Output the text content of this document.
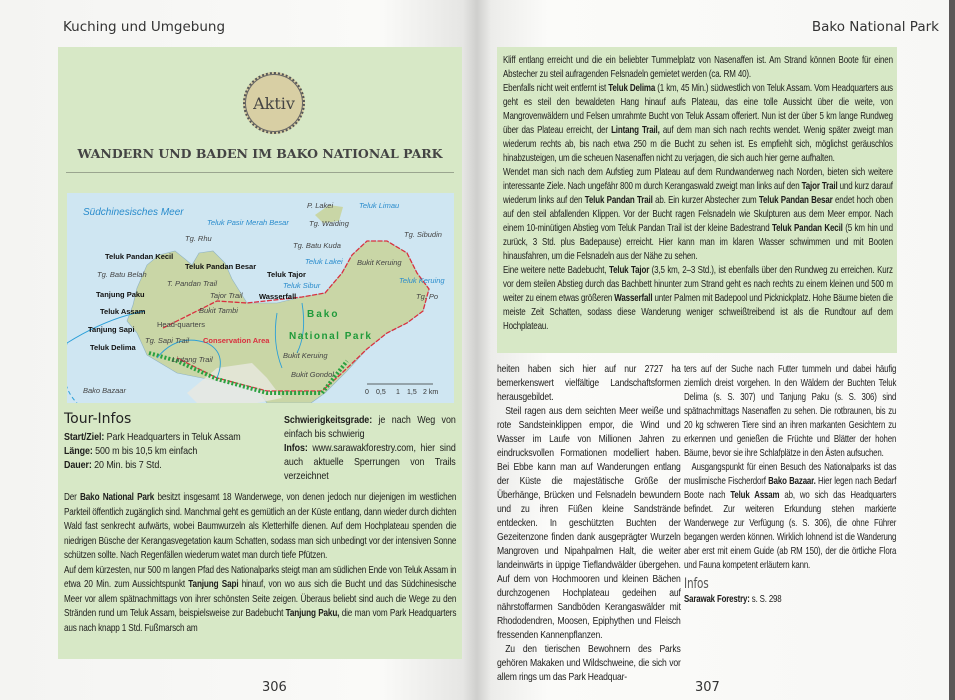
Kuching und Umgebung
Aktiv
WANDERN UND BADEN IM BAKO NATIONAL PARK
Südchinesisches Meer
Tg. Rhu
Teluk Pandan Kecil
Teluk Pandan Besar
Tg. Batu Belah
Tanjung Paku
Teluk Assam
Head-quarters
Tanjung Sapi
Teluk Delima
Bako Bazaar
Bukit Tambi
Tajor Trail
T. Pandan Trail
Tg. Sapi Trail
Lintang Trail
Conservation Area
Teluk Tajor
Wasserfall
Teluk Sibur
Teluk Pasir Merah Besar
P. Lakei	Teluk Limau
Tg. Waiding
Tg. Batu Kuda
Teluk Lakei
Tg. Sibudin
Bukit Keruing
Teluk Keruing
Tg. Po
Bako
National Park
Bukit Keruing
Bukit Gondol
0 0,5 1 1,5 2 km
Tour-Infos
Start/Ziel: Park Headquarters in Teluk Assam
Länge: 500 m bis 10,5 km einfach
Dauer: 20 Min. bis 7 Std.
Schwierigkeitsgrade: je nach Weg von einfach bis schwierig
Infos: www.sarawakforestry.com, hier sind auch aktuelle Sperrungen von Trails verzeichnet

Der Bako National Park besitzt insgesamt 18 Wanderwege, von denen jedoch nur diejenigen im westlichen Parkteil öffentlich zugänglich sind. Manchmal geht es gemütlich an der Küste entlang, dann wieder durch dichten Wald fast senkrecht aufwärts, wobei Baumwurzeln als Kletterhilfe dienen. Auf dem Hochplateau spenden die niedrigen Büsche der Kerangasvegetation kaum Schatten, sodass man sich unbedingt vor der intensiven Sonne schützen sollte. Nach Regenfällen wiederum watet man durch tiefe Pfützen.

Auf dem kürzesten, nur 500 m langen Pfad des Nationalparks steigt man am südlichen Ende von Teluk Assam in etwa 20 Min. zum Aussichtspunkt Tanjung Sapi hinauf, von wo aus sich die Bucht und das Südchinesische Meer vor allem spätnachmittags von ihrer schönsten Seite zeigen. Überaus beliebt sind auch die Wege zu den Stränden rund um Teluk Assam, beispielsweise zur Badebucht Tanjung Paku, die man vom Park Headquarters aus nach knapp 1 Std. Fußmarsch am

306
Bako National Park

Kliff entlang erreicht und die ein beliebter Tummelplatz von Nasenaffen ist. Am Strand können Boote für einen Abstecher zu steil aufragenden Felsnadeln gemietet werden (ca. RM 40).

Ebenfalls nicht weit entfernt ist Teluk Delima (1 km, 45 Min.) südwestlich von Teluk Assam. Vom Headquarters aus geht es steil den bewaldeten Hang hinauf aufs Plateau, das eine tolle Aussicht über die weite, von Mangrovenwäldern und Felsen umrahmte Bucht von Teluk Assam offeriert. Nun ist der über 5 km lange Rundweg über das Plateau erreicht, der Lintang Trail, auf dem man sich nach rechts wendet. Wenig später zweigt man wiederum rechts ab, bis nach etwa 250 m die Bucht zu sehen ist. Es empfiehlt sich, möglichst geräuschlos hinabzusteigen, um die scheuen Nasenaffen nicht zu verjagen, die sich auch hier gerne aufhalten.

Wendet man sich nach dem Aufstieg zum Plateau auf dem Rundwanderweg nach Norden, bieten sich weitere interessante Ziele. Nach ungefähr 800 m durch Kerangaswald zweigt man links auf den Tajor Trail und kurz darauf wiederum links auf den Teluk Pandan Trail ab. Ein kurzer Abstecher zum Teluk Pandan Besar endet hoch oben auf den steil abfallenden Klippen. Vor der Bucht ragen Felsnadeln wie Skulpturen aus dem Meer empor. Nach einem 10-minütigen Abstieg vom Teluk Pandan Trail ist der kleine Badestrand Teluk Pandan Kecil (5 km hin und zurück, 3 Std. plus Badepause) erreicht. Hier kann man im klaren Wasser schwimmen und mit Booten hinausfahren, um die Felsnadeln aus der Nähe zu sehen.

Eine weitere nette Badebucht, Teluk Tajor (3,5 km, 2–3 Std.), ist ebenfalls über den Rundweg zu erreichen. Kurz vor dem steilen Abstieg durch das Bachbett hinunter zum Strand geht es nach rechts zu einem kleinen und 500 m weiter zu einem etwas größeren Wasserfall unter Palmen mit Badepool und Picknickplatz. Hohe Bäume bieten die meiste Zeit Schatten, sodass diese Wanderung weniger schweißtreibend ist als die Rundtour auf dem Hochplateau.

heiten haben sich hier auf nur 2727 ha bemerkenswert vielfältige Landschaftsformen herausgebildet.

Steil ragen aus dem seichten Meer weiße und rote Sandsteinklippen empor, die Wind und Wasser im Laufe von Millionen Jahren zu eindrucksvollen Formationen modelliert haben. Bei Ebbe kann man auf Wanderungen entlang der Küste die majestätische Größe der Überhänge, Brücken und Felsnadeln bewundern und zu ihren Füßen kleine Sandstrände entdecken. In geschützten Buchten der Gezeitenzone finden dank ausgeprägter Wurzeln Mangroven und Nipahpalmen Halt, die weiter landeinwärts in üppige Tieflandwälder übergehen. Auf dem von Hochmooren und kleinen Bächen durchzogenen Hochplateau gedeihen auf nährstoffarmen Sandböden Kerangaswälder mit Rhododendren, Moosen, Epiphythen und Fleisch fressenden Kannenpflanzen.

Zu den tierischen Bewohnern des Parks gehören Makaken und Wildschweine, die sich vor allem rings um das Park Headquar-

ters auf der Suche nach Futter tummeln und dabei häufig ziemlich dreist vorgehen. In den Wäldern der Buchten Teluk Delima (s. S. 307) und Tanjung Paku (s. S. 306) sind spätnachmittags Nasenaffen zu sehen. Die rotbraunen, bis zu 20 kg schweren Tiere sind an ihren markanten Gesichtern zu erkennen und genießen die Früchte und Blätter der hohen Bäume, bevor sie ihre Schlafplätze in den Ästen aufsuchen.

Ausgangspunkt für einen Besuch des Nationalparks ist das muslimische Fischerdorf Bako Bazaar. Hier legen nach Bedarf Boote nach Teluk Assam ab, wo sich das Headquarters befindet. Zur weiteren Erkundung stehen markierte Wanderwege zur Verfügung (s. S. 306), die ohne Führer begangen werden können. Wirklich lohnend ist die Wanderung aber erst mit einem Guide (ab RM 150), der die örtliche Flora und Fauna kompetent erläutern kann.

Infos
Sarawak Forestry: s. S. 298
307
